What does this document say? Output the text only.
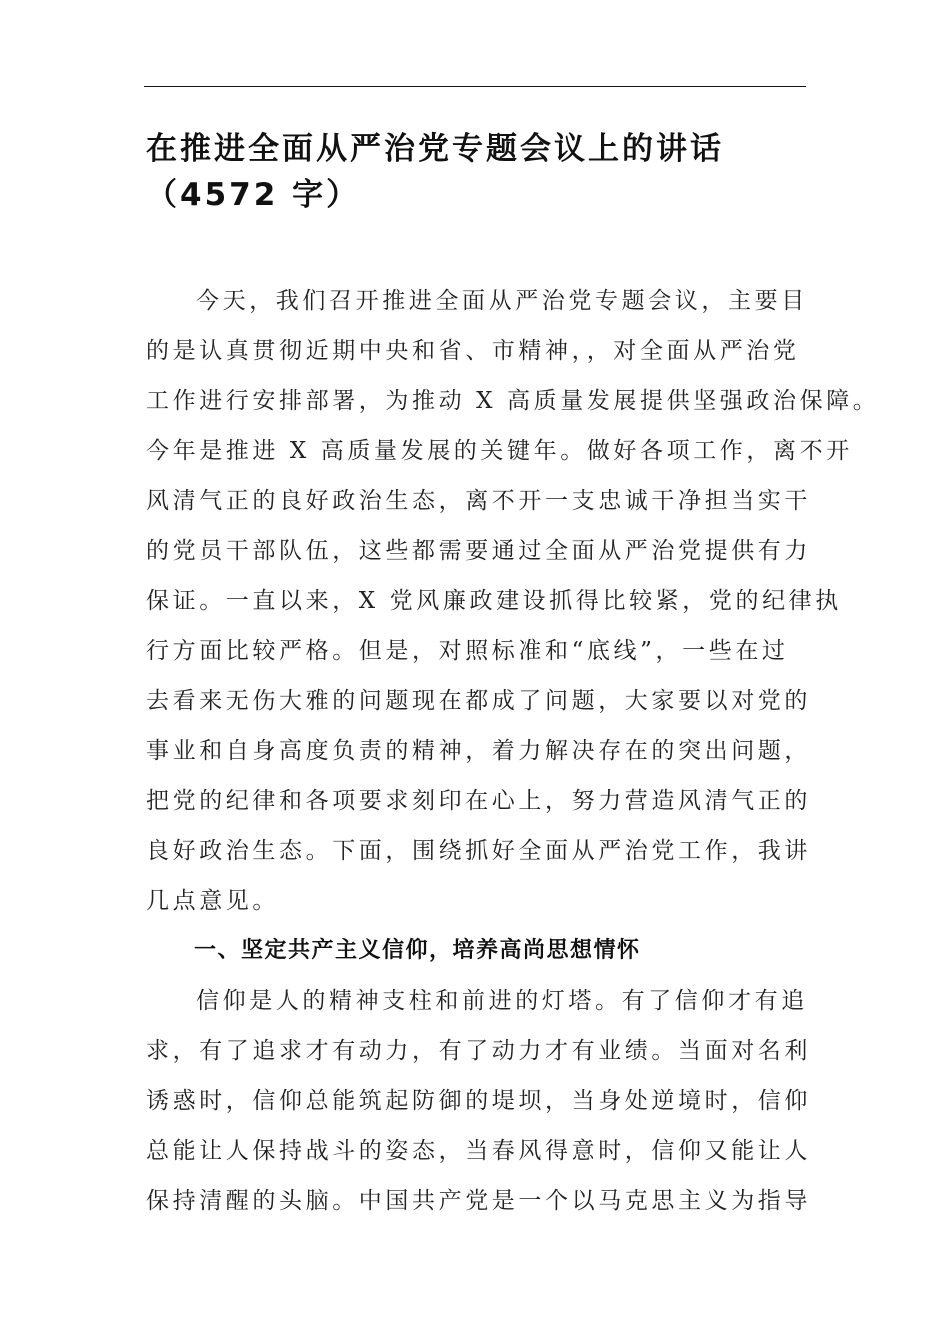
在推进全面从严治党专题会议上的讲话
（4572 字）
今天，我们召开推进全面从严治党专题会议，主要目
的是认真贯彻近期中央和省、市精神，，对全面从严治党
工作进行安排部署，为推动 X 高质量发展提供坚强政治保障。
今年是推进 X 高质量发展的关键年。做好各项工作，离不开
风清气正的良好政治生态，离不开一支忠诚干净担当实干
的党员干部队伍，这些都需要通过全面从严治党提供有力
保证。一直以来，X 党风廉政建设抓得比较紧，党的纪律执
行方面比较严格。但是，对照标准和“底线”，一些在过
去看来无伤大雅的问题现在都成了问题，大家要以对党的
事业和自身高度负责的精神，着力解决存在的突出问题，
把党的纪律和各项要求刻印在心上，努力营造风清气正的
良好政治生态。下面，围绕抓好全面从严治党工作，我讲
几点意见。
一、坚定共产主义信仰，培养高尚思想情怀
信仰是人的精神支柱和前进的灯塔。有了信仰才有追
求，有了追求才有动力，有了动力才有业绩。当面对名利
诱惑时，信仰总能筑起防御的堤坝，当身处逆境时，信仰
总能让人保持战斗的姿态，当春风得意时，信仰又能让人
保持清醒的头脑。中国共产党是一个以马克思主义为指导
